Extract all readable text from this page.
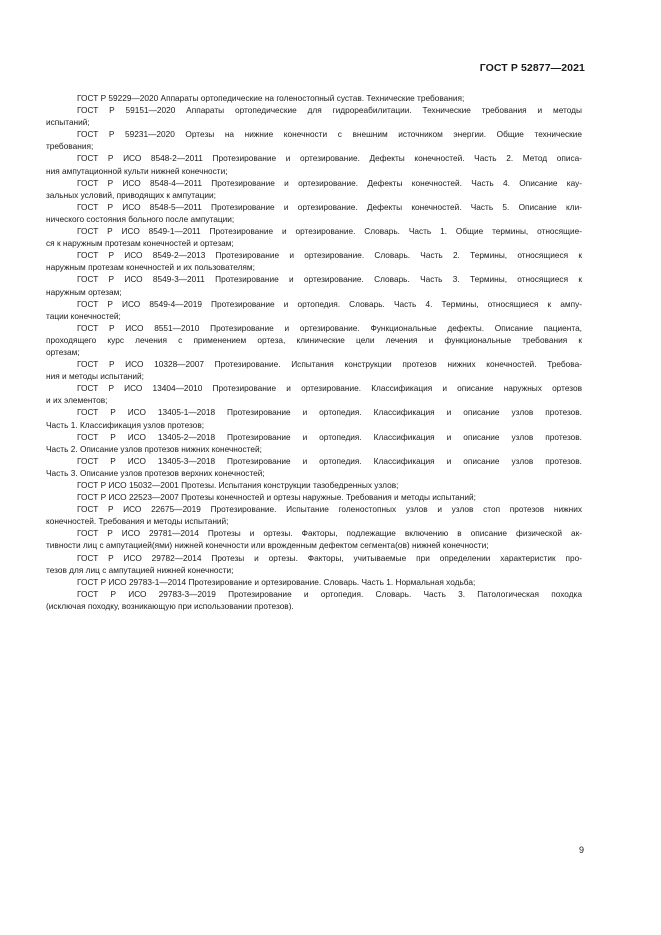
ГОСТ Р 52877—2021
ГОСТ Р 59229—2020 Аппараты ортопедические на голеностопный сустав. Технические требования;
ГОСТ Р 59151—2020 Аппараты ортопедические для гидрореабилитации. Технические требования и методы
испытаний;
ГОСТ Р 59231—2020 Ортезы на нижние конечности с внешним источником энергии. Общие технические
требования;
ГОСТ Р ИСО 8548-2—2011 Протезирование и ортезирование. Дефекты конечностей. Часть 2. Метод описа-
ния ампутационной культи нижней конечности;
ГОСТ Р ИСО 8548-4—2011 Протезирование и ортезирование. Дефекты конечностей. Часть 4. Описание кау-
зальных условий, приводящих к ампутации;
ГОСТ Р ИСО 8548-5—2011 Протезирование и ортезирование. Дефекты конечностей. Часть 5. Описание кли-
нического состояния больного после ампутации;
ГОСТ Р ИСО 8549-1—2011 Протезирование и ортезирование. Словарь. Часть 1. Общие термины, относящие-
ся к наружным протезам конечностей и ортезам;
ГОСТ Р ИСО 8549-2—2013 Протезирование и ортезирование. Словарь. Часть 2. Термины, относящиеся к
наружным протезам конечностей и их пользователям;
ГОСТ Р ИСО 8549-3—2011 Протезирование и ортезирование. Словарь. Часть 3. Термины, относящиеся к
наружным ортезам;
ГОСТ Р ИСО 8549-4—2019 Протезирование и ортопедия. Словарь. Часть 4. Термины, относящиеся к ампу-
тации конечностей;
ГОСТ Р ИСО 8551—2010 Протезирование и ортезирование. Функциональные дефекты. Описание пациента,
проходящего курс лечения с применением ортеза, клинические цели лечения и функциональные требования к
ортезам;
ГОСТ Р ИСО 10328—2007 Протезирование. Испытания конструкции протезов нижних конечностей. Требова-
ния и методы испытаний;
ГОСТ Р ИСО 13404—2010 Протезирование и ортезирование. Классификация и описание наружных ортезов
и их элементов;
ГОСТ Р ИСО 13405-1—2018 Протезирование и ортопедия. Классификация и описание узлов протезов.
Часть 1. Классификация узлов протезов;
ГОСТ Р ИСО 13405-2—2018 Протезирование и ортопедия. Классификация и описание узлов протезов.
Часть 2. Описание узлов протезов нижних конечностей;
ГОСТ Р ИСО 13405-3—2018 Протезирование и ортопедия. Классификация и описание узлов протезов.
Часть 3. Описание узлов протезов верхних конечностей;
ГОСТ Р ИСО 15032—2001 Протезы. Испытания конструкции тазобедренных узлов;
ГОСТ Р ИСО 22523—2007 Протезы конечностей и ортезы наружные. Требования и методы испытаний;
ГОСТ Р ИСО 22675—2019 Протезирование. Испытание голеностопных узлов и узлов стоп протезов нижних
конечностей. Требования и методы испытаний;
ГОСТ Р ИСО 29781—2014 Протезы и ортезы. Факторы, подлежащие включению в описание физической ак-
тивности лиц с ампутацией(ями) нижней конечности или врожденным дефектом сегмента(ов) нижней конечности;
ГОСТ Р ИСО 29782—2014 Протезы и ортезы. Факторы, учитываемые при определении характеристик про-
тезов для лиц с ампутацией нижней конечности;
ГОСТ Р ИСО 29783-1—2014 Протезирование и ортезирование. Словарь. Часть 1. Нормальная ходьба;
ГОСТ Р ИСО 29783-3—2019 Протезирование и ортопедия. Словарь. Часть 3. Патологическая походка
(исключая походку, возникающую при использовании протезов).
9
